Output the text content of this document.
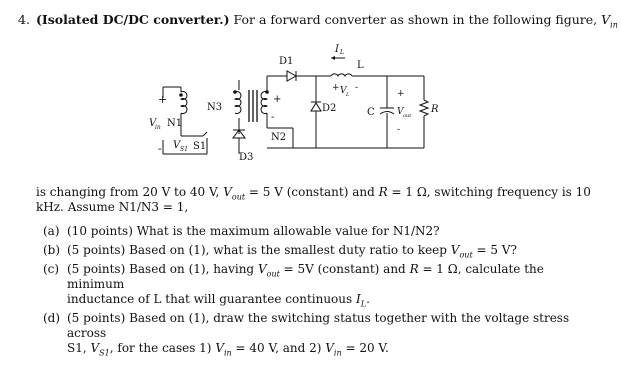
4. (Isolated DC/DC converter.) For a forward converter as shown in the following figure, $V_{in}$
+
V
in N1
- V S1 S1
N3
D3
+
-
N2
D1
D2
I L
L
+ V L
-
C
+
V out
-
R

is changing from 20 V to 40 V, $V_{out} = 5$ V (constant) and R = 1 Ω, switching frequency is 10

kHz. Assume N1/N3 = 1,

(a) (10 points) What is the maximum allowable value for N1/N2?
(b) (5 points) Based on (1), what is the smallest duty ratio to keep $V_{out} = 5$ V?
(c) (5 points) Based on (1), having $V_{out} = 5V$ (constant) and R = 1 Ω, calculate the minimum
inductance of L that will guarantee continuous $I_L$.
(d) (5 points) Based on (1), draw the switching status together with the voltage stress across
S1, $V_{S1}$, for the cases 1) $V_{in} = 40$ V, and 2) $V_{in} = 20$ V.
